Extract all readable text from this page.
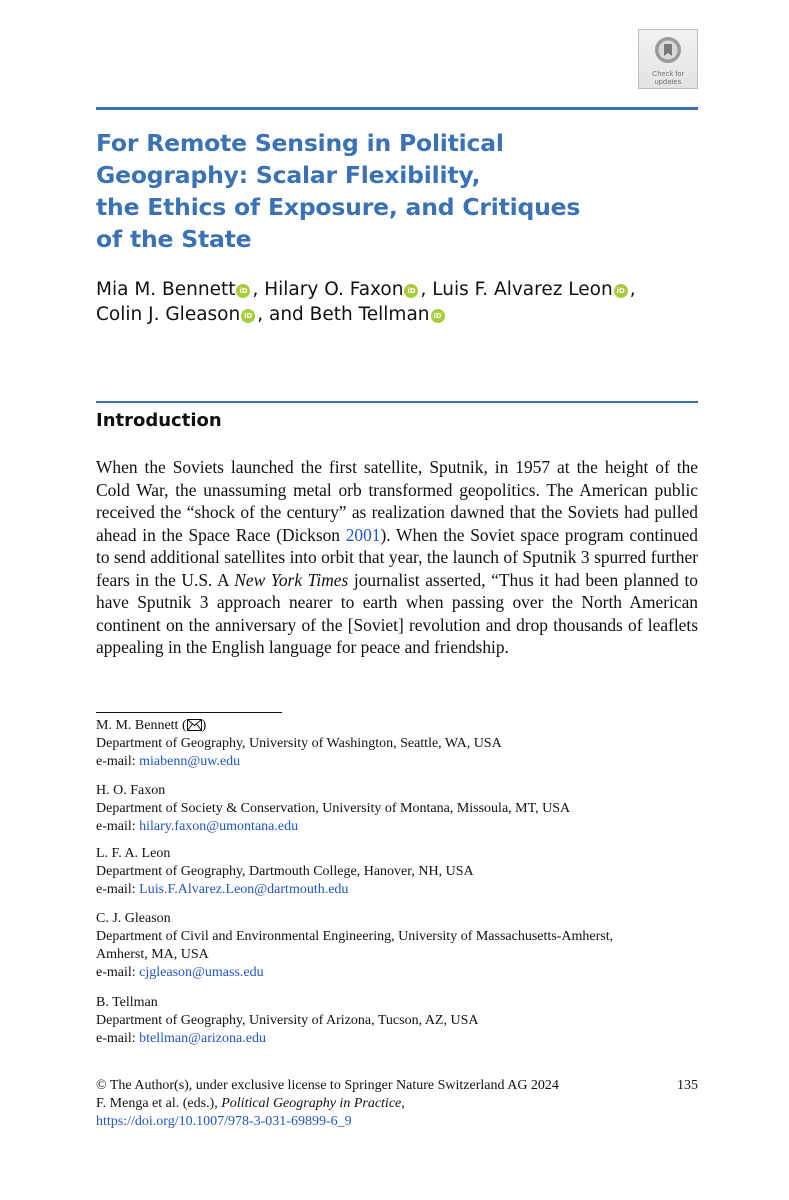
Check for
updates
For Remote Sensing in Political
Geography: Scalar Flexibility,
the Ethics of Exposure, and Critiques
of the State

Mia M. Bennett iD , Hilary O. Faxon iD , Luis F. Alvarez Leon iD ,
Colin J. Gleason iD , and Beth Tellman iD

Introduction

When the Soviets launched the first satellite, Sputnik, in 1957 at the height of the Cold War, the unassuming metal orb transformed geopolitics. The American public received the “shock of the century” as realization dawned that the Soviets had pulled ahead in the Space Race (Dickson 2001). When the Soviet space program continued to send additional satellites into orbit that year, the launch of Sputnik 3 spurred further fears in the U.S. A New York Times journalist asserted, “Thus it had been planned to have Sputnik 3 approach nearer to earth when passing over the North American continent on the anniversary of the [Soviet] revolution and drop thousands of leaflets appealing in the English language for peace and friendship.

M. M. Bennett ( )
Department of Geography, University of Washington, Seattle, WA, USA
e-mail: miabenn@uw.edu
H. O. Faxon
Department of Society & Conservation, University of Montana, Missoula, MT, USA
e-mail: hilary.faxon@umontana.edu
L. F. A. Leon
Department of Geography, Dartmouth College, Hanover, NH, USA
e-mail: Luis.F.Alvarez.Leon@dartmouth.edu
C. J. Gleason
Department of Civil and Environmental Engineering, University of Massachusetts-Amherst,
Amherst, MA, USA
e-mail: cjgleason@umass.edu
B. Tellman
Department of Geography, University of Arizona, Tucson, AZ, USA
e-mail: btellman@arizona.edu
© The Author(s), under exclusive license to Springer Nature Switzerland AG 2024	135
F. Menga et al. (eds.), Political Geography in Practice,
https://doi.org/10.1007/978-3-031-69899-6_9
